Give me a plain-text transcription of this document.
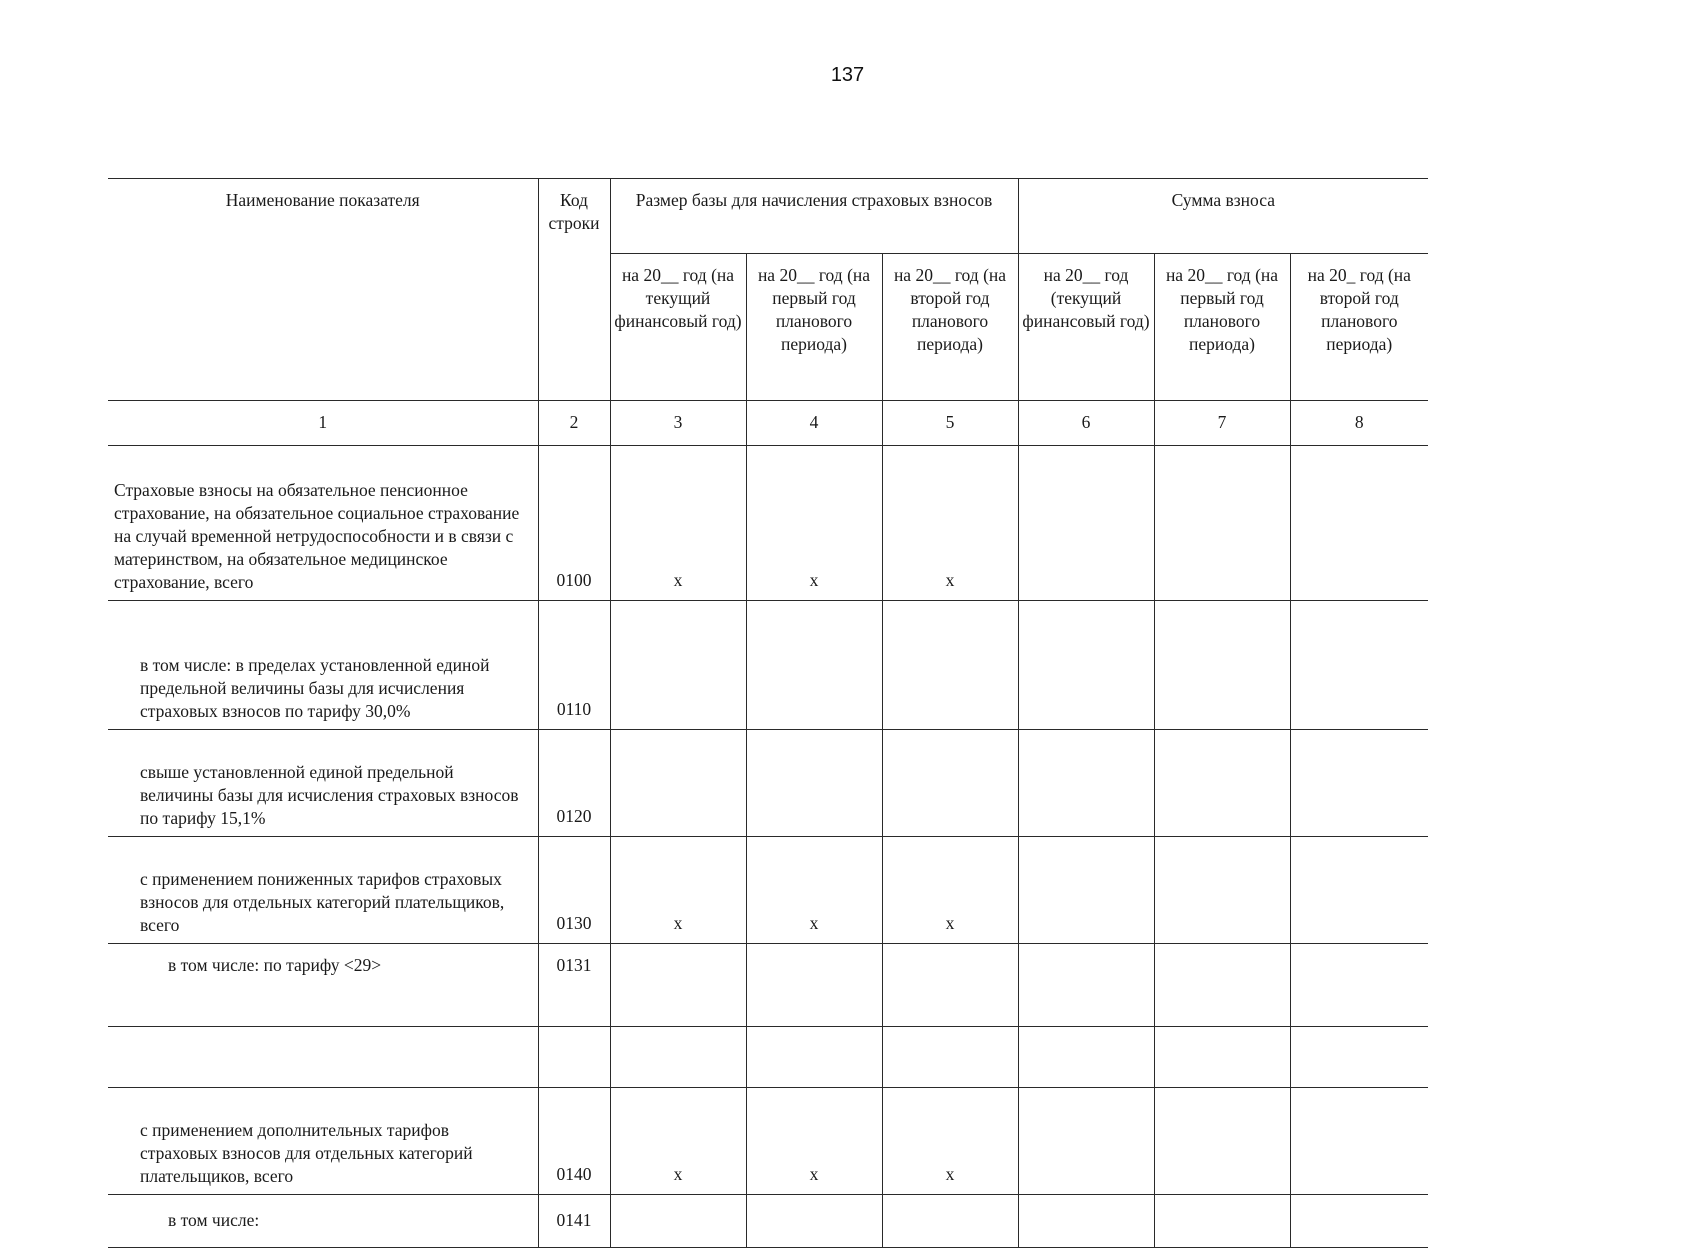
137
Наименование показателя	Код строки	Размер базы для начисления страховых взносов			Сумма взноса		
		на 20__ год (на текущий финансовый год)	на 20__ год (на первый год планового периода)	на 20__ год (на второй год планового периода)	на 20__ год (текущий финансовый год)	на 20__ год (на первый год планового периода)	на 20_ год (на второй год планового периода)
1	2	3	4	5	6	7	8
Страховые взносы на обязательное пенсионное страхование, на обязательное социальное страхование на случай временной нетрудоспособности и в связи с материнством, на обязательное медицинское страхование, всего	0100	х	х	х			
в том числе: в пределах установленной единой предельной величины базы для исчисления страховых взносов по тарифу 30,0%	0110						
свыше установленной единой предельной величины базы для исчисления страховых взносов по тарифу 15,1%	0120						
с применением пониженных тарифов страховых взносов для отдельных категорий плательщиков, всего	0130	х	х	х			
в том числе: по тарифу <29>	0131						

с применением дополнительных тарифов страховых взносов для отдельных категорий плательщиков, всего	0140	х	х	х			
в том числе:	0141						
